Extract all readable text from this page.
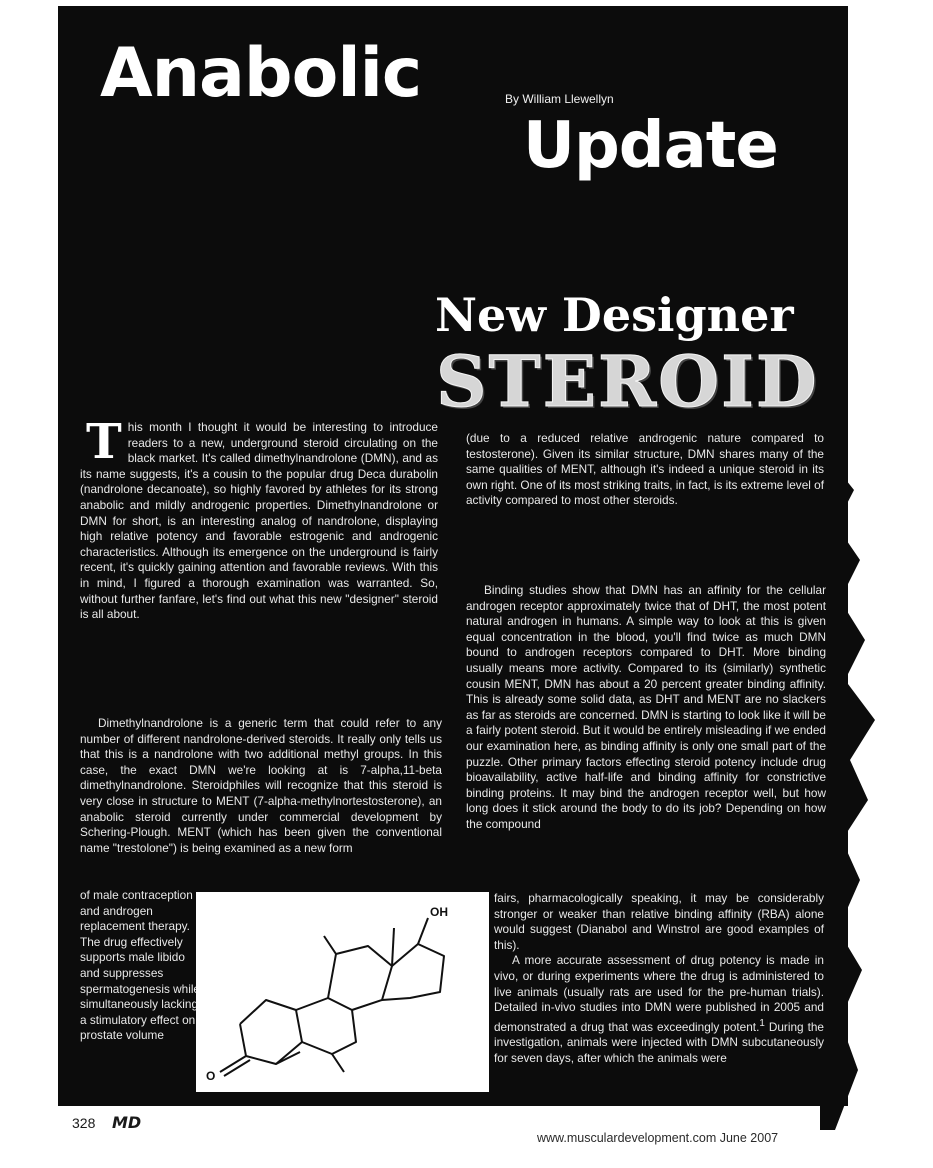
Anabolic	By William Llewellyn
Update
New Designer
STEROID
T his month I thought it would be interesting to introduce readers to a new, underground steroid circulating on the black market. It's called dimethylnandrolone (DMN), and as its name suggests, it's a cousin to the popular drug Deca durabolin (nandrolone decanoate), so highly favored by athletes for its strong anabolic and mildly androgenic properties. Dimethylnandrolone or DMN for short, is an interesting analog of nandrolone, displaying high relative potency and favorable estrogenic and androgenic characteristics. Although its emergence on the underground is fairly recent, it's quickly gaining attention and favorable reviews. With this in mind, I figured a thorough examination was warranted. So, without further fanfare, let's find out what this new "designer" steroid is all about.
Dimethylnandrolone is a generic term that could refer to any number of different nandrolone-derived steroids. It really only tells us that this is a nandrolone with two additional methyl groups. In this case, the exact DMN we're looking at is 7-alpha,11-beta dimethylnandrolone. Steroidphiles will recognize that this steroid is very close in structure to MENT (7-alpha-methylnortestosterone), an anabolic steroid currently under commercial development by Schering-Plough. MENT (which has been given the conventional name "trestolone") is being examined as a new form
of male contraception and androgen replacement therapy. The drug effectively supports male libido and suppresses spermatogenesis while simultaneously lacking a stimulatory effect on prostate volume
(due to a reduced relative androgenic nature compared to testosterone). Given its similar structure, DMN shares many of the same qualities of MENT, although it's indeed a unique steroid in its own right. One of its most striking traits, in fact, is its extreme level of activity compared to most other steroids.
Binding studies show that DMN has an affinity for the cellular androgen receptor approximately twice that of DHT, the most potent natural androgen in humans. A simple way to look at this is given equal concentration in the blood, you'll find twice as much DMN bound to androgen receptors compared to DHT. More binding usually means more activity. Compared to its (similarly) synthetic cousin MENT, DMN has about a 20 percent greater binding affinity. This is already some solid data, as DHT and MENT are no slackers as far as steroids are concerned. DMN is starting to look like it will be a fairly potent steroid. But it would be entirely misleading if we ended our examination here, as binding affinity is only one small part of the puzzle. Other primary factors effecting steroid potency include drug bioavailability, active half-life and binding affinity for constrictive binding proteins. It may bind the androgen receptor well, but how long does it stick around the body to do its job? Depending on how the compound

fairs, pharmacologically speaking, it may be considerably stronger or weaker than relative binding affinity (RBA) alone would suggest (Dianabol and Winstrol are good examples of this).

A more accurate assessment of drug potency is made in vivo, or during experiments where the drug is administered to live animals (usually rats are used for the pre-human trials). Detailed in-vivo studies into DMN were published in 2005 and demonstrated a drug that was exceedingly potent.$^1$ During the investigation, animals were injected with DMN subcutaneously for seven days, after which the animals were

OH
O
328 MD
www.musculardevelopment.com June 2007
